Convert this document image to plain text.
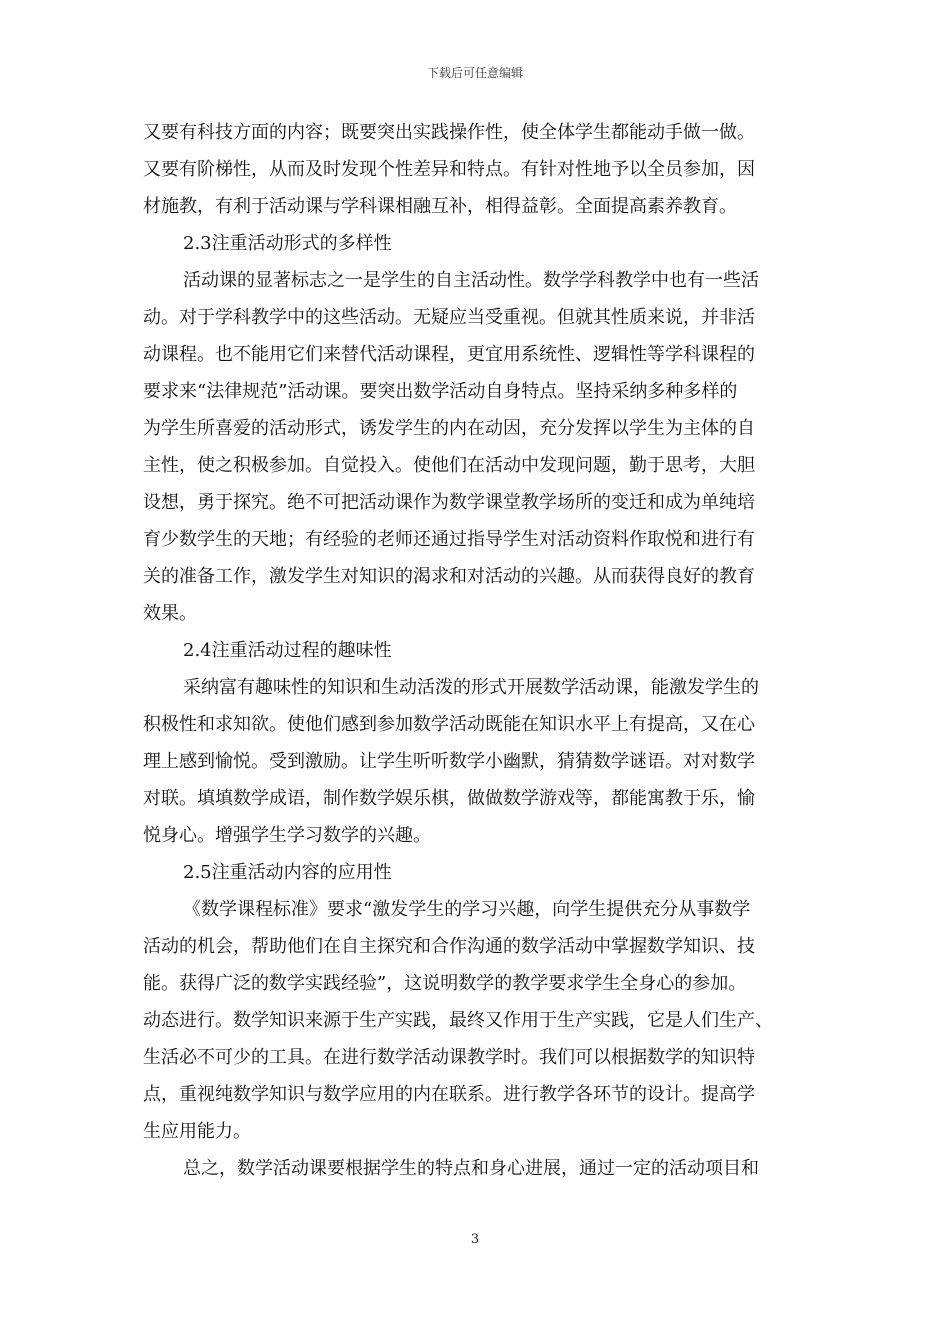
下载后可任意编辑
又要有科技方面的内容；既要突出实践操作性，使全体学生都能动手做一做。
又要有阶梯性，从而及时发现个性差异和特点。有针对性地予以全员参加，因
材施教，有利于活动课与学科课相融互补，相得益彰。全面提高素养教育。
2.3注重活动形式的多样性
活动课的显著标志之一是学生的自主活动性。数学学科教学中也有一些活
动。对于学科教学中的这些活动。无疑应当受重视。但就其性质来说，并非活
动课程。也不能用它们来替代活动课程，更宜用系统性、逻辑性等学科课程的
要求来“法律规范”活动课。要突出数学活动自身特点。坚持采纳多种多样的
为学生所喜爱的活动形式，诱发学生的内在动因，充分发挥以学生为主体的自
主性，使之积极参加。自觉投入。使他们在活动中发现问题，勤于思考，大胆
设想，勇于探究。绝不可把活动课作为数学课堂教学场所的变迁和成为单纯培
育少数学生的天地；有经验的老师还通过指导学生对活动资料作取悦和进行有
关的准备工作，激发学生对知识的渴求和对活动的兴趣。从而获得良好的教育
效果。
2.4注重活动过程的趣味性
采纳富有趣味性的知识和生动活泼的形式开展数学活动课，能激发学生的
积极性和求知欲。使他们感到参加数学活动既能在知识水平上有提高，又在心
理上感到愉悦。受到激励。让学生听听数学小幽默，猜猜数学谜语。对对数学
对联。填填数学成语，制作数学娱乐棋，做做数学游戏等，都能寓教于乐，愉
悦身心。增强学生学习数学的兴趣。
2.5注重活动内容的应用性
《数学课程标准》要求“激发学生的学习兴趣，向学生提供充分从事数学
活动的机会，帮助他们在自主探究和合作沟通的数学活动中掌握数学知识、技
能。获得广泛的数学实践经验”，这说明数学的教学要求学生全身心的参加。
动态进行。数学知识来源于生产实践，最终又作用于生产实践，它是人们生产、
生活必不可少的工具。在进行数学活动课教学时。我们可以根据数学的知识特
点，重视纯数学知识与数学应用的内在联系。进行教学各环节的设计。提高学
生应用能力。
总之，数学活动课要根据学生的特点和身心进展，通过一定的活动项目和
3
